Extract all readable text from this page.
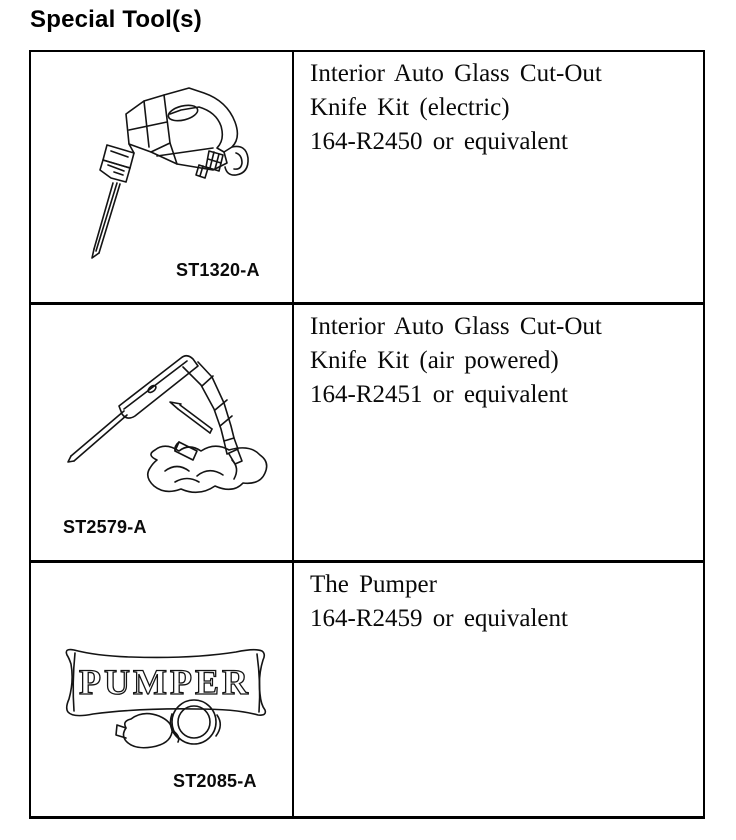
Special Tool(s)
ST1320-A
Interior Auto Glass Cut-Out
Knife Kit (electric)
164-R2450 or equivalent
ST2579-A
Interior Auto Glass Cut-Out
Knife Kit (air powered)
164-R2451 or equivalent
PUMPER
ST2085-A
The Pumper
164-R2459 or equivalent
